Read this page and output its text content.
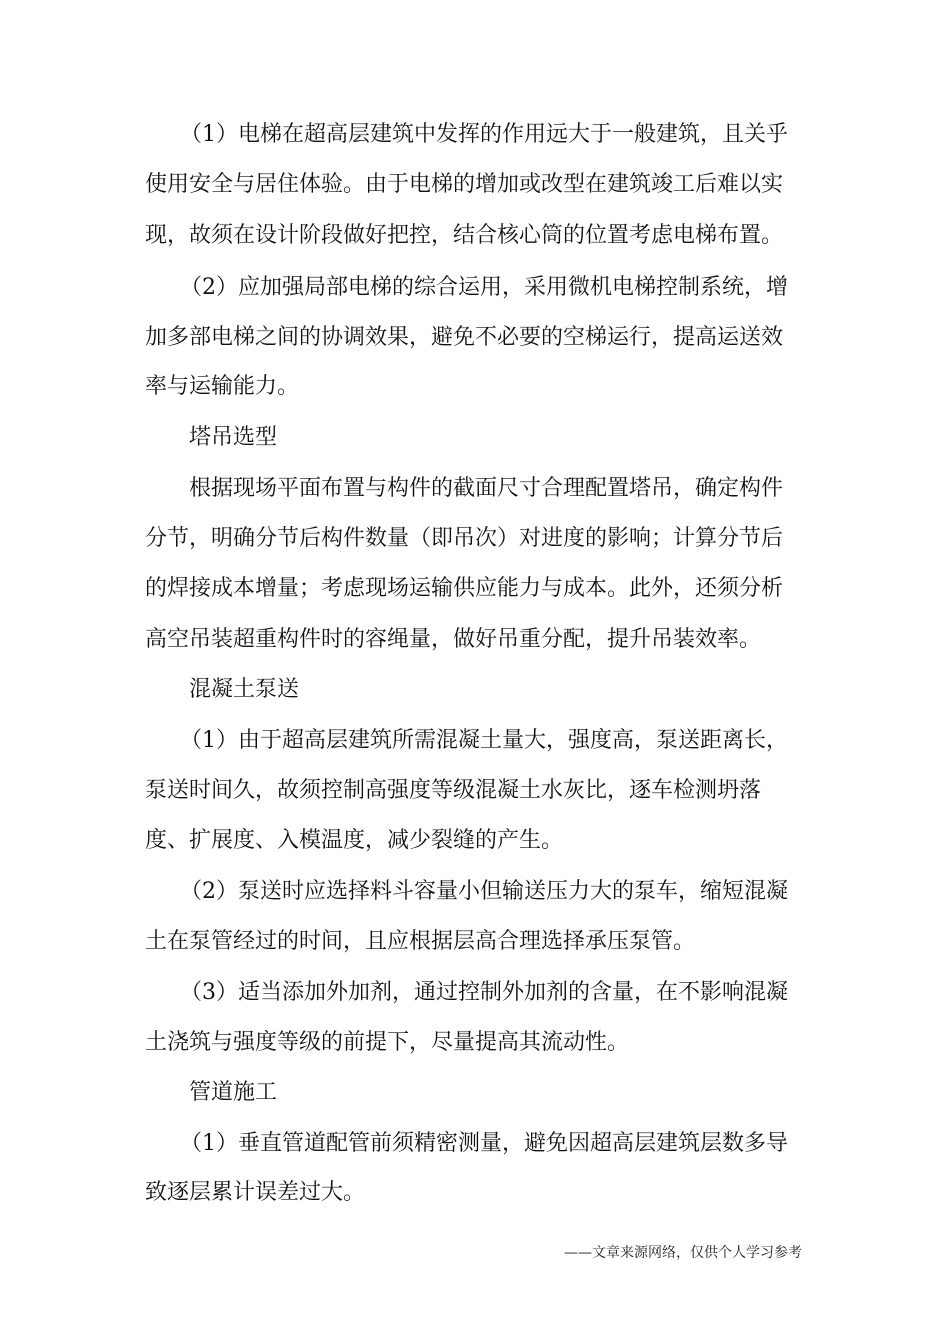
（1）电梯在超高层建筑中发挥的作用远大于一般建筑，且关乎
使用安全与居住体验。由于电梯的增加或改型在建筑竣工后难以实
现，故须在设计阶段做好把控，结合核心筒的位置考虑电梯布置。
（2）应加强局部电梯的综合运用，采用微机电梯控制系统，增
加多部电梯之间的协调效果，避免不必要的空梯运行，提高运送效
率与运输能力。
塔吊选型
根据现场平面布置与构件的截面尺寸合理配置塔吊，确定构件
分节，明确分节后构件数量（即吊次）对进度的影响；计算分节后
的焊接成本增量；考虑现场运输供应能力与成本。此外，还须分析
高空吊装超重构件时的容绳量，做好吊重分配，提升吊装效率。
混凝土泵送
（1）由于超高层建筑所需混凝土量大，强度高，泵送距离长，
泵送时间久，故须控制高强度等级混凝土水灰比，逐车检测坍落
度、扩展度、入模温度，减少裂缝的产生。
（2）泵送时应选择料斗容量小但输送压力大的泵车，缩短混凝
土在泵管经过的时间，且应根据层高合理选择承压泵管。
（3）适当添加外加剂，通过控制外加剂的含量，在不影响混凝
土浇筑与强度等级的前提下，尽量提高其流动性。
管道施工
（1）垂直管道配管前须精密测量，避免因超高层建筑层数多导
致逐层累计误差过大。
——文章来源网络，仅供个人学习参考
